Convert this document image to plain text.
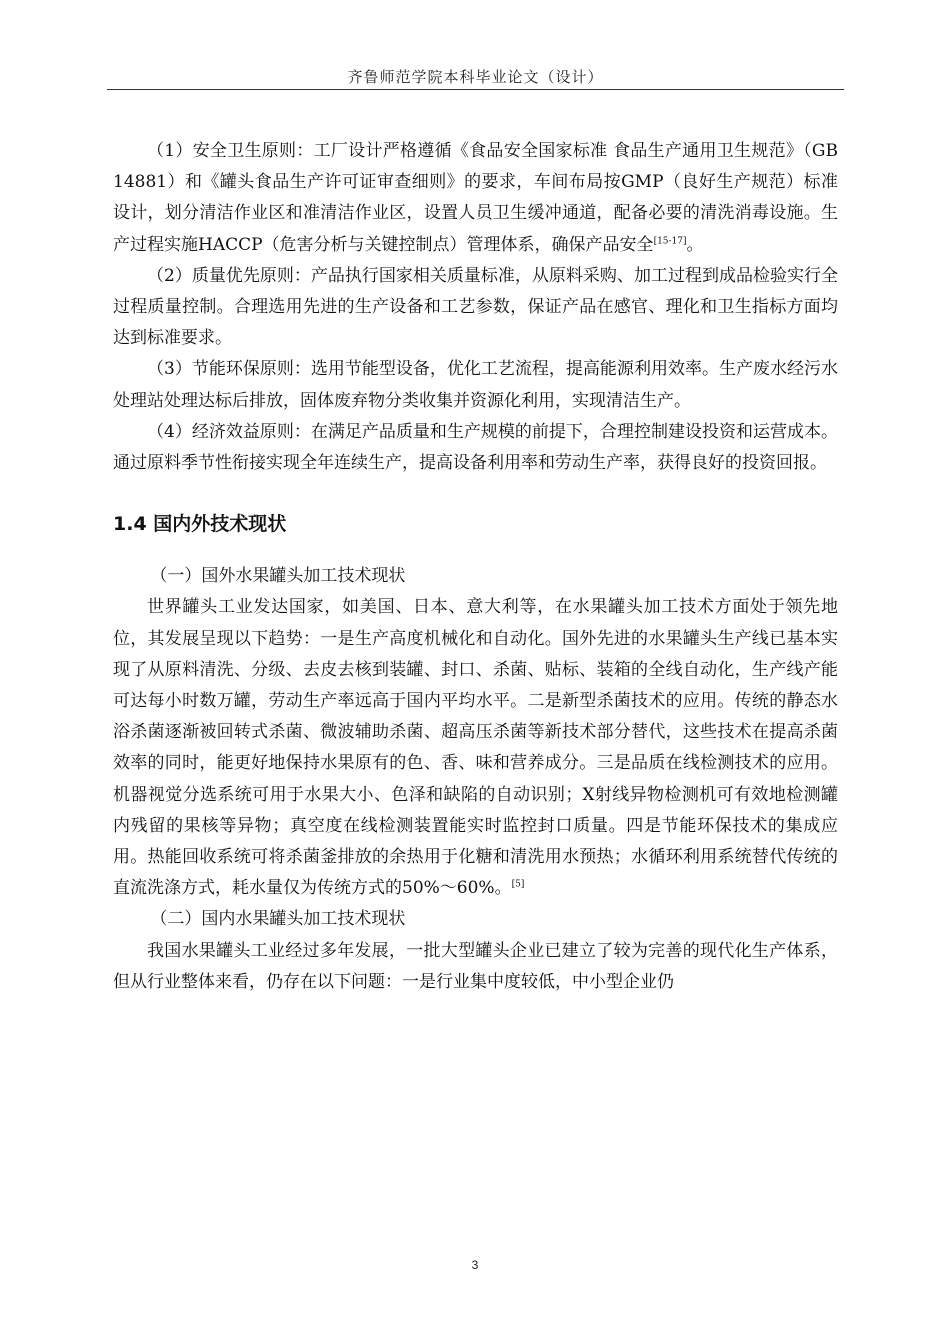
齐鲁师范学院本科毕业论文（设计）

（1）安全卫生原则：工厂设计严格遵循《食品安全国家标准 食品生产通用卫生规范》（GB 14881）和《罐头食品生产许可证审查细则》的要求，车间布局按GMP（良好生产规范）标准设计，划分清洁作业区和准清洁作业区，设置人员卫生缓冲通道，配备必要的清洗消毒设施。生产过程实施HACCP（危害分析与关键控制点）管理体系，确保产品安全[15-17]。

（2）质量优先原则：产品执行国家相关质量标准，从原料采购、加工过程到成品检验实行全过程质量控制。合理选用先进的生产设备和工艺参数，保证产品在感官、理化和卫生指标方面均达到标准要求。

（3）节能环保原则：选用节能型设备，优化工艺流程，提高能源利用效率。生产废水经污水处理站处理达标后排放，固体废弃物分类收集并资源化利用，实现清洁生产。

（4）经济效益原则：在满足产品质量和生产规模的前提下，合理控制建设投资和运营成本。通过原料季节性衔接实现全年连续生产，提高设备利用率和劳动生产率，获得良好的投资回报。

1.4 国内外技术现状

（一）国外水果罐头加工技术现状

世界罐头工业发达国家，如美国、日本、意大利等，在水果罐头加工技术方面处于领先地位，其发展呈现以下趋势：一是生产高度机械化和自动化。国外先进的水果罐头生产线已基本实现了从原料清洗、分级、去皮去核到装罐、封口、杀菌、贴标、装箱的全线自动化，生产线产能可达每小时数万罐，劳动生产率远高于国内平均水平。二是新型杀菌技术的应用。传统的静态水浴杀菌逐渐被回转式杀菌、微波辅助杀菌、超高压杀菌等新技术部分替代，这些技术在提高杀菌效率的同时，能更好地保持水果原有的色、香、味和营养成分。三是品质在线检测技术的应用。机器视觉分选系统可用于水果大小、色泽和缺陷的自动识别；X射线异物检测机可有效地检测罐内残留的果核等异物；真空度在线检测装置能实时监控封口质量。四是节能环保技术的集成应用。热能回收系统可将杀菌釜排放的余热用于化糖和清洗用水预热；水循环利用系统替代传统的直流洗涤方式，耗水量仅为传统方式的50%～60%。[5]

（二）国内水果罐头加工技术现状

我国水果罐头工业经过多年发展，一批大型罐头企业已建立了较为完善的现代化生产体系，但从行业整体来看，仍存在以下问题：一是行业集中度较低，中小型企业仍

3
